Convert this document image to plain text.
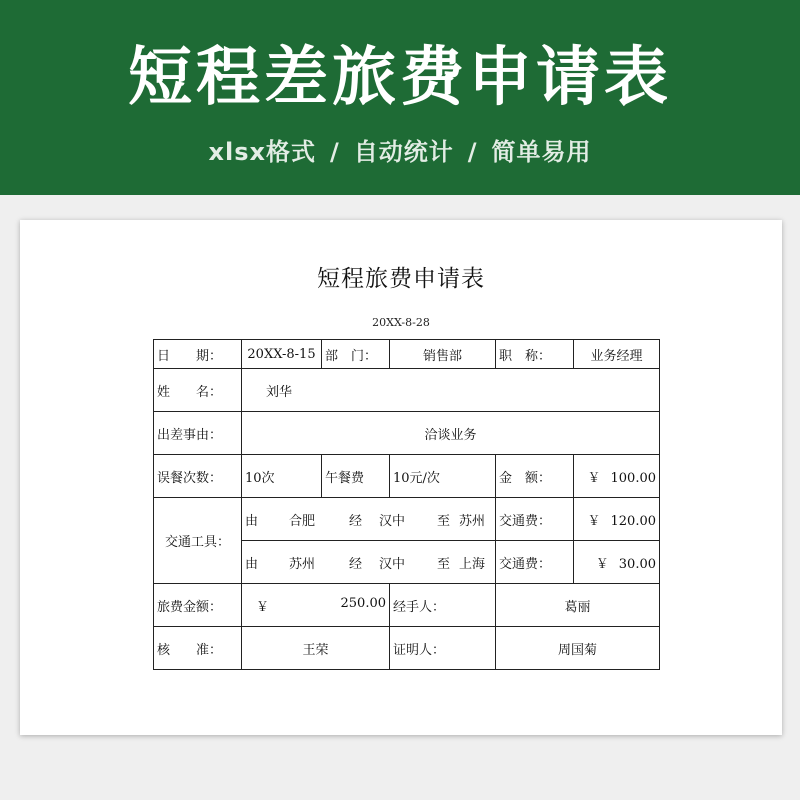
短程差旅费申请表
xlsx格式 / 自动统计 / 简单易用
短程旅费申请表
20XX-8-28
日　　期：	20XX-8-15	部　门：	销售部	职　称：	业务经理
姓　　名：	刘华				
出差事由：	洽谈业务				
误餐次数：	10次	午餐费	10元/次	金　额：	￥ 100.00
交通工具：	由 合肥 经 汉中 至 苏州			交通费：	￥ 120.00
	由 苏州 经 汉中 至 上海			交通费：	￥ 30.00
旅费金额：	￥ 250.00		经手人：	葛丽	
核　　准：	王荣		证明人：	周国菊	
